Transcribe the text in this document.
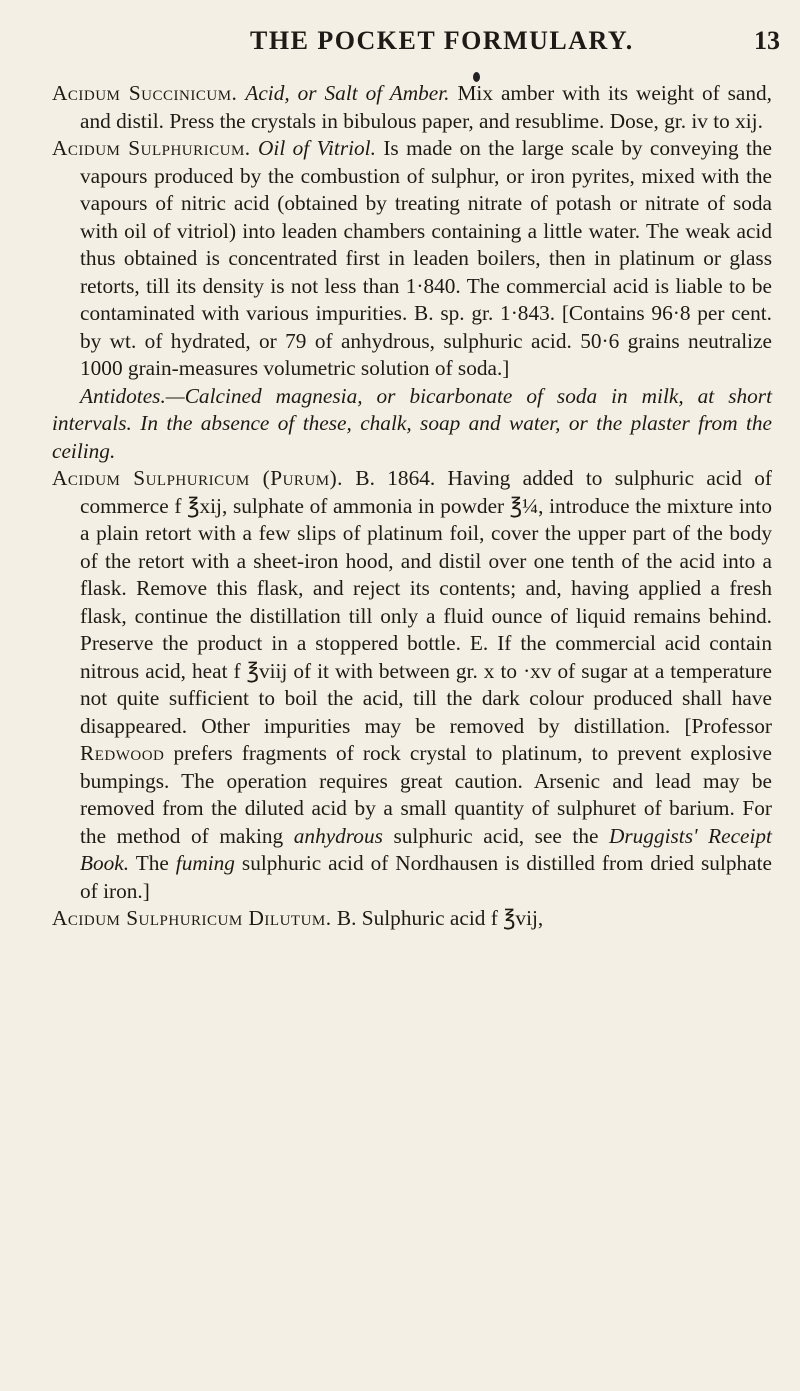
THE POCKET FORMULARY.	13

Acidum Succinicum. Acid, or Salt of Amber. Mix amber with its weight of sand, and distil. Press the crystals in bibulous paper, and resublime. Dose, gr. iv to xij.

Acidum Sulphuricum. Oil of Vitriol. Is made on the large scale by conveying the vapours produced by the combustion of sulphur, or iron pyrites, mixed with the vapours of nitric acid (obtained by treating nitrate of potash or nitrate of soda with oil of vitriol) into leaden chambers containing a little water. The weak acid thus obtained is concentrated first in leaden boilers, then in platinum or glass retorts, till its density is not less than 1·840. The commercial acid is liable to be contaminated with various impurities. B. sp. gr. 1·843. [Contains 96·8 per cent. by wt. of hydrated, or 79 of anhydrous, sulphuric acid. 50·6 grains neutralize 1000 grain-measures volumetric solution of soda.]

Antidotes.—Calcined magnesia, or bicarbonate of soda in milk, at short intervals. In the absence of these, chalk, soap and water, or the plaster from the ceiling.

Acidum Sulphuricum (Purum). B. 1864. Having added to sulphuric acid of commerce f ℥xij, sulphate of ammonia in powder ℥¼, introduce the mixture into a plain retort with a few slips of platinum foil, cover the upper part of the body of the retort with a sheet-iron hood, and distil over one tenth of the acid into a flask. Remove this flask, and reject its contents; and, having applied a fresh flask, continue the distillation till only a fluid ounce of liquid remains behind. Preserve the product in a stoppered bottle. E. If the commercial acid contain nitrous acid, heat f ℥viij of it with between gr. x to ·xv of sugar at a temperature not quite sufficient to boil the acid, till the dark colour produced shall have disappeared. Other impurities may be removed by distillation. [Professor Redwood prefers fragments of rock crystal to platinum, to prevent explosive bumpings. The operation requires great caution. Arsenic and lead may be removed from the diluted acid by a small quantity of sulphuret of barium. For the method of making anhydrous sulphuric acid, see the Druggists' Receipt Book. The fuming sulphuric acid of Nordhausen is distilled from dried sulphate of iron.]

Acidum Sulphuricum Dilutum. B. Sulphuric acid f ℥vij,
